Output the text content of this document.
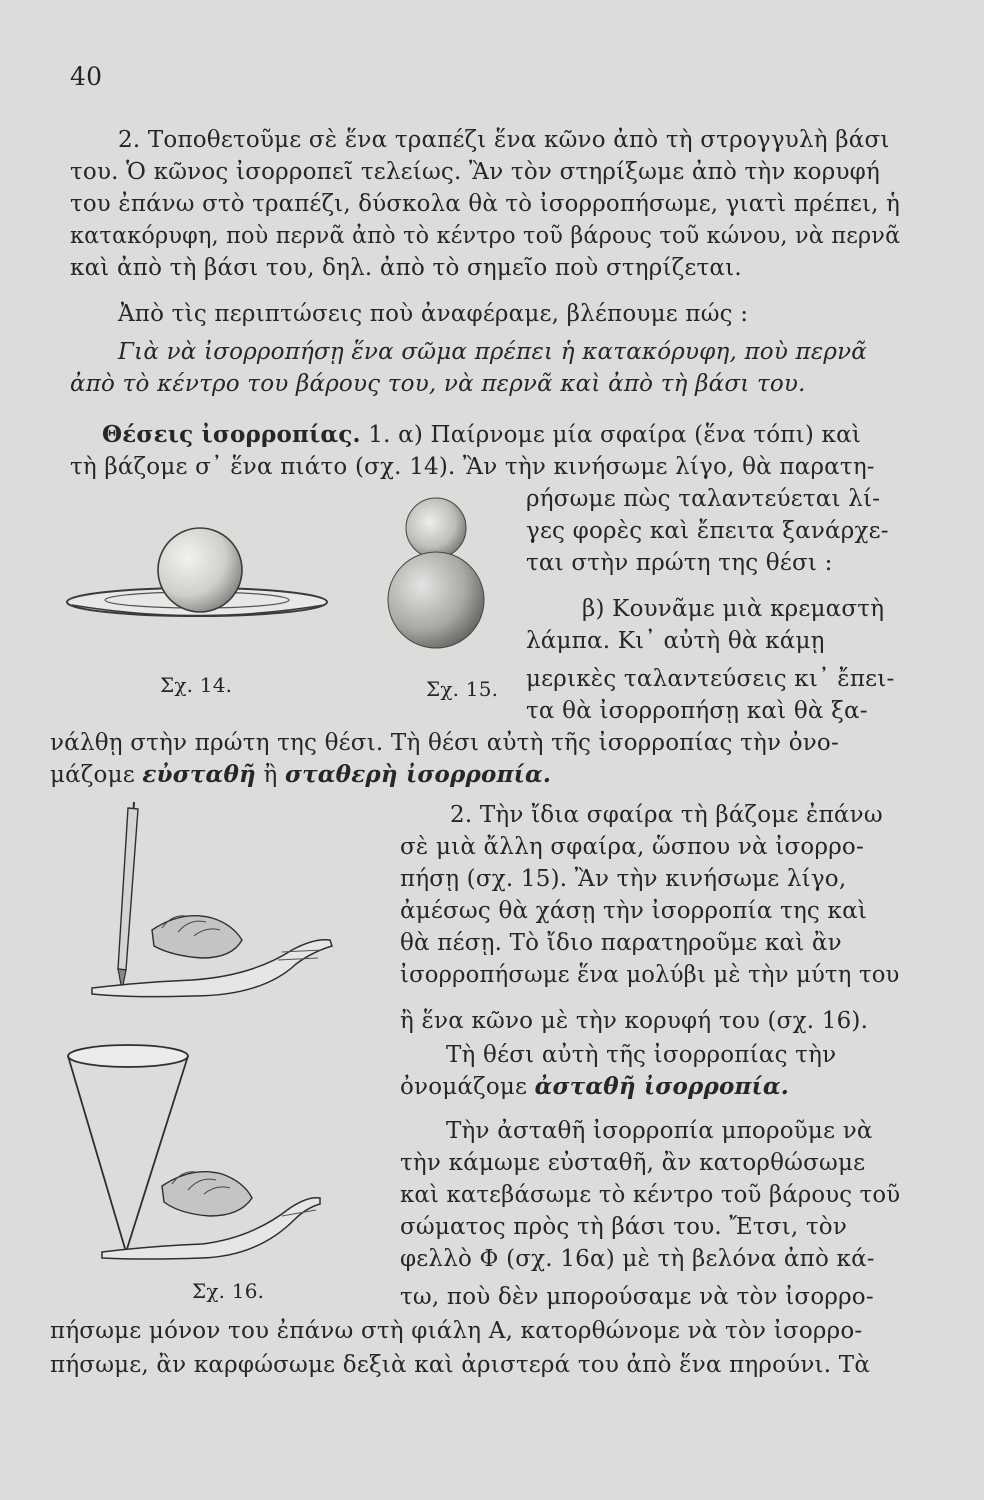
40
2. Τοποθετοῦμε σὲ ἕνα τραπέζι ἕνα κῶνο ἀπὸ τὴ στρογγυλὴ βάσι
του. Ὁ κῶνος ἰσορροπεῖ τελείως. Ἂν τὸν στηρίξωμε ἀπὸ τὴν κορυφή
του ἐπάνω στὸ τραπέζι, δύσκολα θὰ τὸ ἰσορροπήσωμε, γιατὶ πρέπει, ἡ
κατακόρυφη, ποὺ περνᾶ ἀπὸ τὸ κέντρο τοῦ βάρους τοῦ κώνου, νὰ περνᾶ
καὶ ἀπὸ τὴ βάσι του, δηλ. ἀπὸ τὸ σημεῖο ποὺ στηρίζεται.
Ἀπὸ τὶς περιπτώσεις ποὺ ἀναφέραμε, βλέπουμε πώς :
Γιὰ νὰ ἰσορροπήσῃ ἕνα σῶμα πρέπει ἡ κατακόρυφη, ποὺ περνᾶ
ἀπὸ τὸ κέντρο του βάρους του, νὰ περνᾶ καὶ ἀπὸ τὴ βάσι του.
Θέσεις ἰσορροπίας. 1. α) Παίρνομε μία σφαίρα (ἕνα τόπι) καὶ
τὴ βάζομε σ᾽ ἕνα πιάτο (σχ. 14). Ἂν τὴν κινήσωμε λίγο, θὰ παρατη-
ρήσωμε πὼς ταλαντεύεται λί-
γες φορὲς καὶ ἔπειτα ξανάρχε-
ται στὴν πρώτη της θέσι :
β) Κουνᾶμε μιὰ κρεμαστὴ
λάμπα. Κι᾽ αὐτὴ θὰ κάμῃ
μερικὲς ταλαντεύσεις κι᾽ ἔπει-
τα θὰ ἰσορροπήσῃ καὶ θὰ ξα-
νάλθῃ στὴν πρώτη της θέσι. Τὴ θέσι αὐτὴ τῆς ἰσορροπίας τὴν ὀνο-
μάζομε εὐσταθῆ ἢ σταθερὴ ἰσορροπία.
Σχ. 14.	Σχ. 15.
Σχ. 16.
2. Τὴν ἴδια σφαίρα τὴ βάζομε ἐπάνω
σὲ μιὰ ἄλλη σφαίρα, ὥσπου νὰ ἰσορρο-
πήσῃ (σχ. 15). Ἂν τὴν κινήσωμε λίγο,
ἀμέσως θὰ χάσῃ τὴν ἰσορροπία της καὶ
θὰ πέσῃ. Τὸ ἴδιο παρατηροῦμε καὶ ἂν
ἰσορροπήσωμε ἕνα μολύβι μὲ τὴν μύτη του
ἢ ἕνα κῶνο μὲ τὴν κορυφή του (σχ. 16).
Τὴ θέσι αὐτὴ τῆς ἰσορροπίας τὴν
ὀνομάζομε ἀσταθῆ ἰσορροπία.
Τὴν ἀσταθῆ ἰσορροπία μποροῦμε νὰ
τὴν κάμωμε εὐσταθῆ, ἂν κατορθώσωμε
καὶ κατεβάσωμε τὸ κέντρο τοῦ βάρους τοῦ
σώματος πρὸς τὴ βάσι του. Ἔτσι, τὸν
φελλὸ Φ (σχ. 16α) μὲ τὴ βελόνα ἀπὸ κά-
τω, ποὺ δὲν μπορούσαμε νὰ τὸν ἰσορρο-
πήσωμε μόνον του ἐπάνω στὴ φιάλη Α, κατορθώνομε νὰ τὸν ἰσορρο-
πήσωμε, ἂν καρφώσωμε δεξιὰ καὶ ἀριστερά του ἀπὸ ἕνα πηρούνι. Τὰ
